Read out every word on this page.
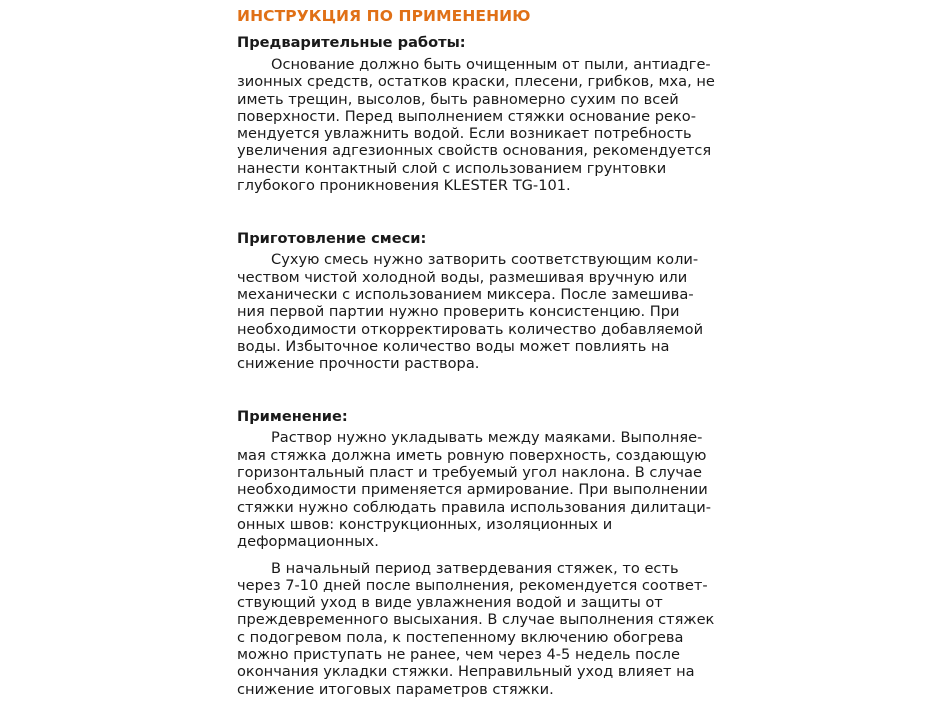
ИНСТРУКЦИЯ ПО ПРИМЕНЕНИЮ
Предварительные работы:

Основание должно быть очищенным от пыли, антиадге-
зионных средств, остатков краски, плесени, грибков, мха, не
иметь трещин, высолов, быть равномерно сухим по всей
поверхности. Перед выполнением стяжки основание реко-
мендуется увлажнить водой. Если возникает потребность
увеличения адгезионных свойств основания, рекомендуется
нанести контактный слой с использованием грунтовки
глубокого проникновения KLESTER TG-101.

Приготовление смеси:

Сухую смесь нужно затворить соответствующим коли-
чеством чистой холодной воды, размешивая вручную или
механически с использованием миксера. После замешива-
ния первой партии нужно проверить консистенцию. При
необходимости откорректировать количество добавляемой
воды. Избыточное количество воды может повлиять на
снижение прочности раствора.

Применение:

Раствор нужно укладывать между маяками. Выполняе-
мая стяжка должна иметь ровную поверхность, создающую
горизонтальный пласт и требуемый угол наклона. В случае
необходимости применяется армирование. При выполнении
стяжки нужно соблюдать правила использования дилитаци-
онных швов: конструкционных, изоляционных и
деформационных.

В начальный период затвердевания стяжек, то есть
через 7-10 дней после выполнения, рекомендуется соответ-
ствующий уход в виде увлажнения водой и защиты от
преждевременного высыхания. В случае выполнения стяжек
с подогревом пола, к постепенному включению обогрева
можно приступать не ранее, чем через 4-5 недель после
окончания укладки стяжки. Неправильный уход влияет на
снижение итоговых параметров стяжки.
